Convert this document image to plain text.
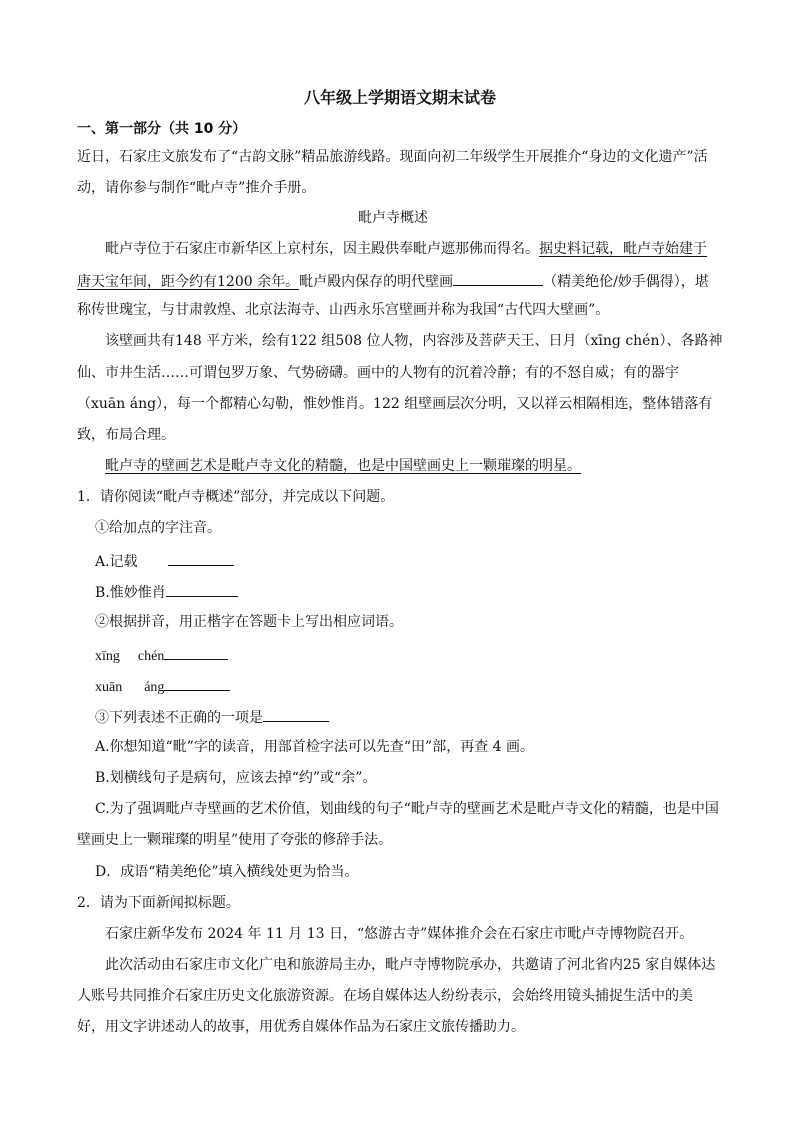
八年级上学期语文期末试卷
一、第一部分（共 10 分）
近日，石家庄文旅发布了“古韵文脉”精品旅游线路。现面向初二年级学生开展推介“身边的文化遗产”活
动，请你参与制作“毗卢寺”推介手册。
毗卢寺概述
毗卢寺位于石家庄市新华区上京村东，因主殿供奉毗卢遮那佛而得名。据史料记载，毗卢寺始建于
唐天宝年间，距今约有1200 余年。毗卢殿内保存的明代壁画	（精美绝伦/妙手偶得），堪
称传世瑰宝，与甘肃敦煌、北京法海寺、山西永乐宫壁画并称为我国“古代四大壁画”。
该壁画共有148 平方米，绘有122 组508 位人物，内容涉及菩萨天王、日月（xīng chén）、各路神
仙、市井生活……可谓包罗万象、气势磅礴。画中的人物有的沉着冷静；有的不怒自威；有的器宇
（xuān áng），每一个都精心勾勒，惟妙惟肖。122 组壁画层次分明，又以祥云相隔相连，整体错落有
致，布局合理。
毗卢寺的壁画艺术是毗卢寺文化的精髓，也是中国壁画史上一颗璀璨的明星。
1．请你阅读“毗卢寺概述”部分，并完成以下问题。
①给加点的字注音。
A.记载
B.惟妙惟肖
②根据拼音，用正楷字在答题卡上写出相应词语。
xīng chén
xuān áng
③下列表述不正确的一项是
A.你想知道“毗”字的读音，用部首检字法可以先查“田”部，再查 4 画。
B.划横线句子是病句，应该去掉“约”或“余”。
C.为了强调毗卢寺壁画的艺术价值，划曲线的句子“毗卢寺的壁画艺术是毗卢寺文化的精髓，也是中国
壁画史上一颗璀璨的明星”使用了夸张的修辞手法。
D．成语“精美绝伦”填入横线处更为恰当。
2．请为下面新闻拟标题。
石家庄新华发布 2024 年 11 月 13 日，“悠游古寺”媒体推介会在石家庄市毗卢寺博物院召开。
此次活动由石家庄市文化广电和旅游局主办，毗卢寺博物院承办，共邀请了河北省内25 家自媒体达
人账号共同推介石家庄历史文化旅游资源。在场自媒体达人纷纷表示，会始终用镜头捕捉生活中的美
好，用文字讲述动人的故事，用优秀自媒体作品为石家庄文旅传播助力。
